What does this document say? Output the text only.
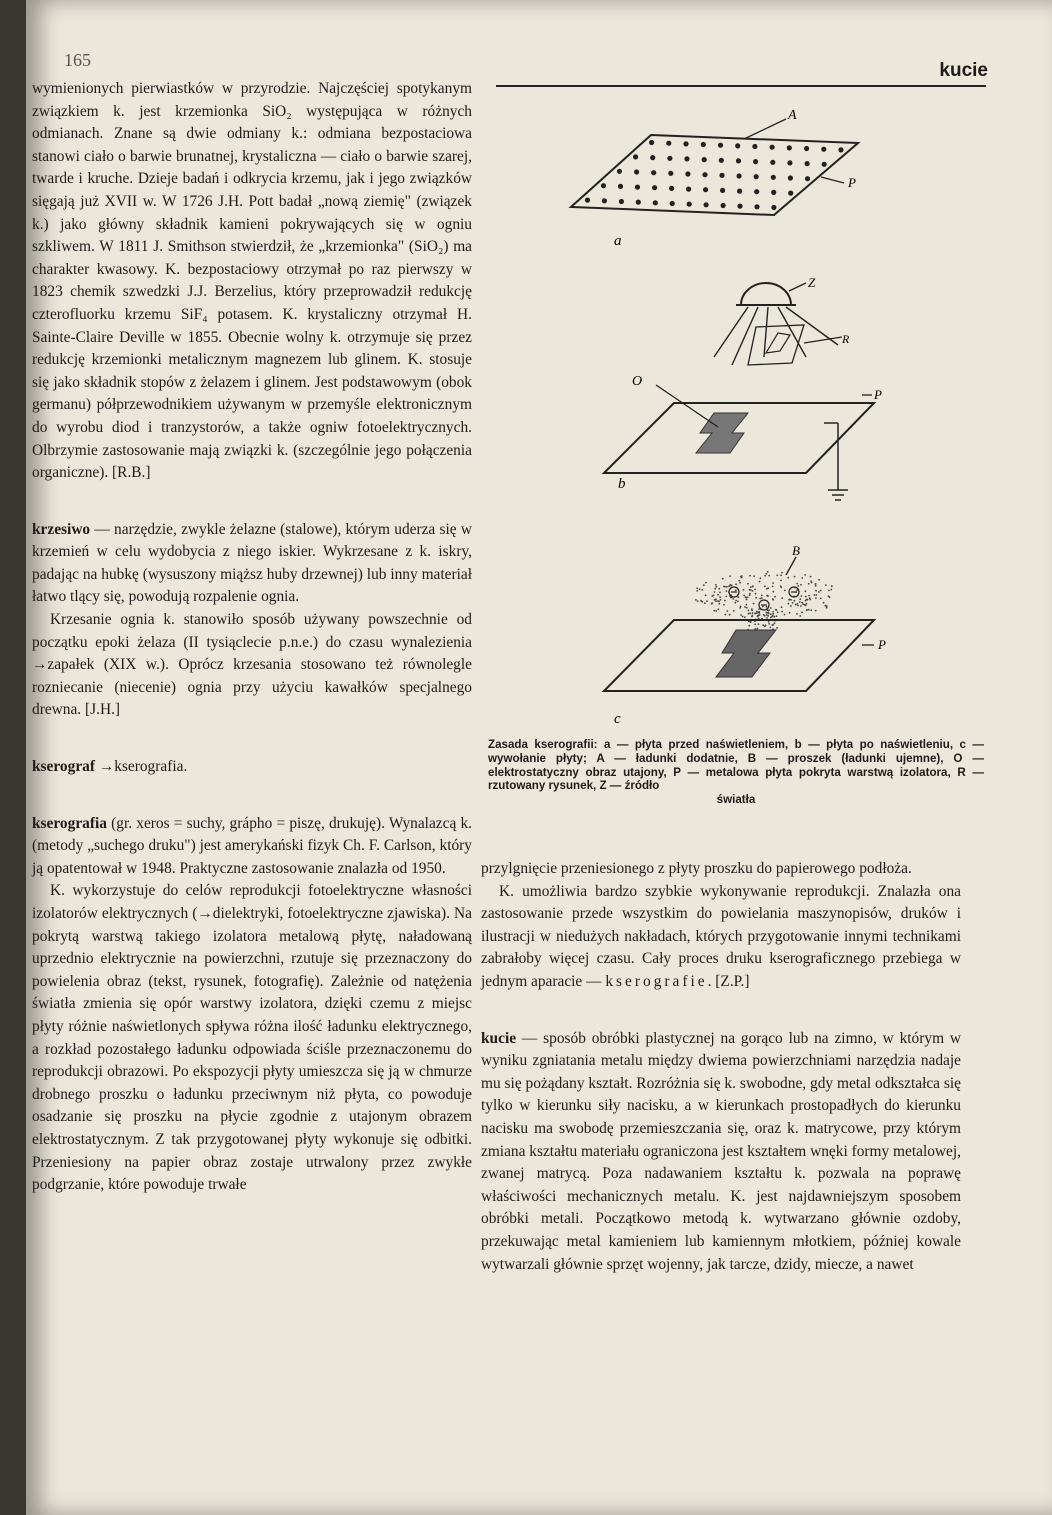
165	kucie

wymienionych pierwiastków w przyrodzie. Najczęściej spotykanym związkiem k. jest krzemionka SiO₂ występująca w różnych odmianach. Znane są dwie odmiany k.: odmiana bezpostaciowa stanowi ciało o barwie brunatnej, krystaliczna — ciało o barwie szarej, twarde i kruche. Dzieje badań i odkrycia krzemu, jak i jego związków sięgają już XVII w. W 1726 J.H. Pott badał „nową ziemię" (związek k.) jako główny składnik kamieni pokrywających się w ogniu szkliwem. W 1811 J. Smithson stwierdził, że „krzemionka" (SiO₂) ma charakter kwasowy. K. bezpostaciowy otrzymał po raz pierwszy w 1823 chemik szwedzki J.J. Berzelius, który przeprowadził redukcję czterofluorku krzemu SiF₄ potasem. K. krystaliczny otrzymał H. Sainte-Claire Deville w 1855. Obecnie wolny k. otrzymuje się przez redukcję krzemionki metalicznym magnezem lub glinem. K. stosuje się jako składnik stopów z żelazem i glinem. Jest podstawowym (obok germanu) półprzewodnikiem używanym w przemyśle elektronicznym do wyrobu diod i tranzystorów, a także ogniw fotoelektrycznych. Olbrzymie zastosowanie mają związki k. (szczególnie jego połączenia organiczne). [R.B.]

krzesiwo — narzędzie, zwykle żelazne (stalowe), którym uderza się w krzemień w celu wydobycia z niego iskier. Wykrzesane z k. iskry, padając na hubkę (wysuszony miąższ huby drzewnej) lub inny materiał łatwo tlący się, powodują rozpalenie ognia.

Krzesanie ognia k. stanowiło sposób używany powszechnie od początku epoki żelaza (II tysiąclecie p.n.e.) do czasu wynalezienia →zapałek (XIX w.). Oprócz krzesania stosowano też równolegle rozniecanie (niecenie) ognia przy użyciu kawałków specjalnego drewna. [J.H.]

kserograf →kserografia.

kserografia (gr. xeros = suchy, grápho = piszę, drukuję). Wynalazcą k. (metody „suchego druku") jest amerykański fizyk Ch. F. Carlson, który ją opatentował w 1948. Praktyczne zastosowanie znalazła od 1950.

K. wykorzystuje do celów reprodukcji fotoelektryczne własności izolatorów elektrycznych (→dielektryki, fotoelektryczne zjawiska). Na pokrytą warstwą takiego izolatora metalową płytę, naładowaną uprzednio elektrycznie na powierzchni, rzutuje się przeznaczony do powielenia obraz (tekst, rysunek, fotografię). Zależnie od natężenia światła zmienia się opór warstwy izolatora, dzięki czemu z miejsc płyty różnie naświetlonych spływa różna ilość ładunku elektrycznego, a rozkład pozostałego ładunku odpowiada ściśle przeznaczonemu do reprodukcji obrazowi. Po ekspozycji płyty umieszcza się ją w chmurze drobnego proszku o ładunku przeciwnym niż płyta, co powoduje osadzanie się proszku na płycie zgodnie z utajonym obrazem elektrostatycznym. Z tak przygotowanej płyty wykonuje się odbitki. Przeniesiony na papier obraz zostaje utrwalony przez zwykłe podgrzanie, które powoduje trwałe

A
P
a
Z
R
O
P
b
B
P
c
Zasada kserografii: a — płyta przed naświetleniem, b — płyta po naświetleniu, c — wywołanie płyty; A — ładunki dodatnie, B — proszek (ładunki ujemne), O — elektrostatyczny obraz utajony, P — metalowa płyta pokryta warstwą izolatora, R — rzutowany rysunek, Z — źródło
światła

przylgnięcie przeniesionego z płyty proszku do papierowego podłoża.

K. umożliwia bardzo szybkie wykonywanie reprodukcji. Znalazła ona zastosowanie przede wszystkim do powielania maszynopisów, druków i ilustracji w niedużych nakładach, których przygotowanie innymi technikami zabrałoby więcej czasu. Cały proces druku kserograficznego przebiega w jednym aparacie — kserografie. [Z.P.]

kucie — sposób obróbki plastycznej na gorąco lub na zimno, w którym w wyniku zgniatania metalu między dwiema powierzchniami narzędzia nadaje mu się pożądany kształt. Rozróżnia się k. swobodne, gdy metal odkształca się tylko w kierunku siły nacisku, a w kierunkach prostopadłych do kierunku nacisku ma swobodę przemieszczania się, oraz k. matrycowe, przy którym zmiana kształtu materiału ograniczona jest kształtem wnęki formy metalowej, zwanej matrycą. Poza nadawaniem kształtu k. pozwala na poprawę właściwości mechanicznych metalu. K. jest najdawniejszym sposobem obróbki metali. Początkowo metodą k. wytwarzano głównie ozdoby, przekuwając metal kamieniem lub kamiennym młotkiem, później kowale wytwarzali głównie sprzęt wojenny, jak tarcze, dzidy, miecze, a nawet
